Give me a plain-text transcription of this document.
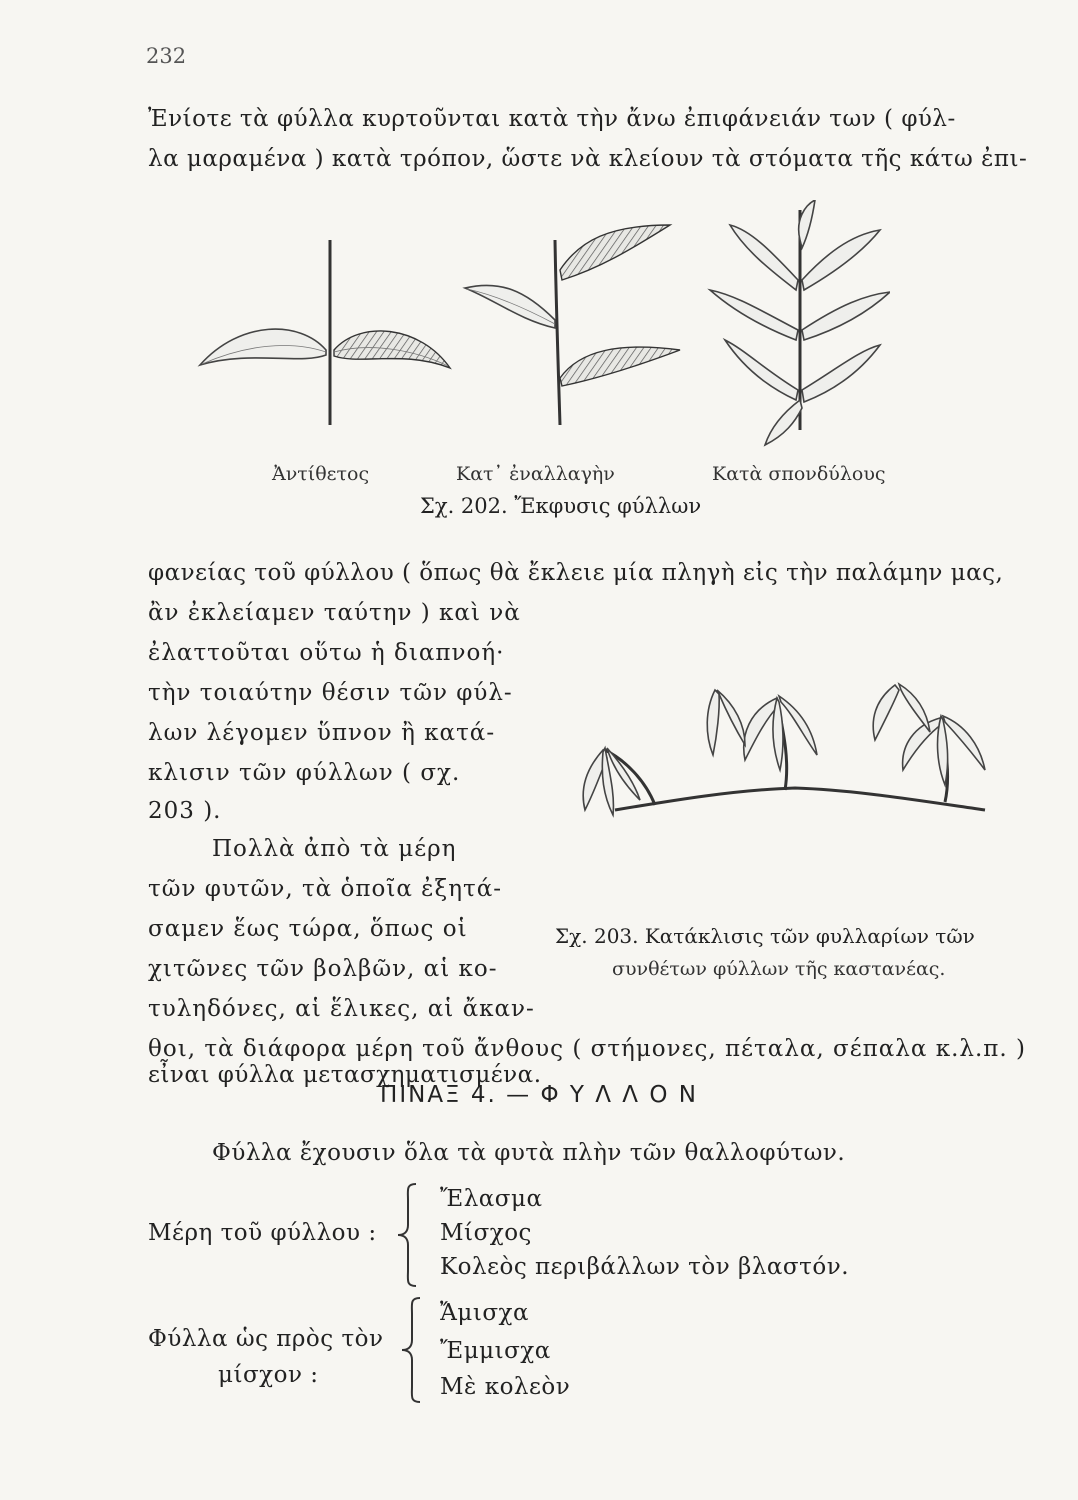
232
Ἐνίοτε τὰ φύλλα κυρτοῦνται κατὰ τὴν ἄνω ἐπιφάνειάν των ( φύλ-
λα μαραμένα ) κατὰ τρόπον, ὥστε νὰ κλείουν τὰ στόματα τῆς κάτω ἐπι-
Ἀντίθετος	Κατ᾽ ἐναλλαγὴν	Κατὰ σπονδύλους
Σχ. 202. Ἔκφυσις φύλλων
φανείας τοῦ φύλλου ( ὅπως θὰ ἔκλειε μία πληγὴ εἰς τὴν παλάμην μας,
ἂν ἐκλείαμεν ταύτην ) καὶ νὰ
ἐλαττοῦται οὕτω ἡ διαπνοή·
τὴν τοιαύτην θέσιν τῶν φύλ-
λων λέγομεν ὕπνον ἢ κατά-
κλισιν τῶν φύλλων ( σχ.
203 ).
Πολλὰ ἀπὸ τὰ μέρη
τῶν φυτῶν, τὰ ὁποῖα ἐξητά-
σαμεν ἕως τώρα, ὅπως οἱ
χιτῶνες τῶν βολβῶν, αἱ κο-
τυληδόνες, αἱ ἕλικες, αἱ ἄκαν-
Σχ. 203. Κατάκλισις τῶν φυλλαρίων τῶν
συνθέτων φύλλων τῆς καστανέας.
θοι, τὰ διάφορα μέρη τοῦ ἄνθους ( στήμονες, πέταλα, σέπαλα κ.λ.π. )
ΠΙΝΑΞ 4. — Φ Υ Λ Λ Ο Ν
εἶναι φύλλα μετασχηματισμένα.
Φύλλα ἔχουσιν ὅλα τὰ φυτὰ πλὴν τῶν θαλλοφύτων.
Μέρη τοῦ φύλλου :
Ἔλασμα
Μίσχος
Κολεὸς περιβάλλων τὸν βλαστόν.
Φύλλα ὡς πρὸς τὸν
μίσχον :
Ἄμισχα
Ἔμμισχα
Μὲ κολεὸν
